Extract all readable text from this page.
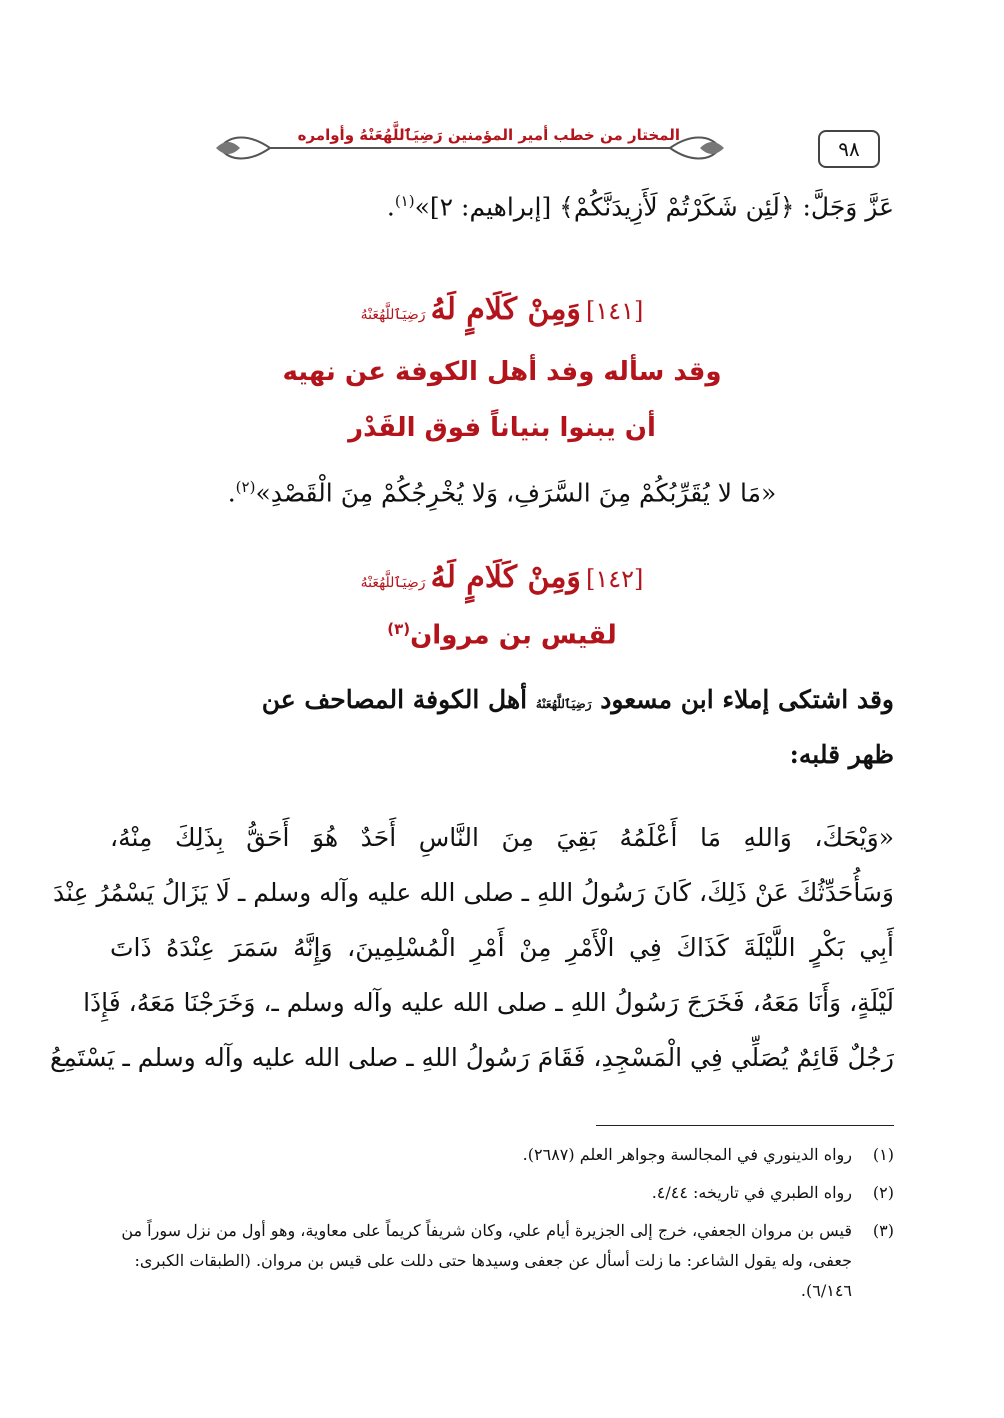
٩٨
المختار من خطب أمير المؤمنين رَضِيَٱللَّهُعَنْهُ وأوامره
عَزَّ وَجَلَّ: ﴿لَئِن شَكَرْتُمْ لَأَزِيدَنَّكُمْ﴾ [إبراهيم: ٢]»$^{(١)}$.
[١٤١] وَمِنْ كَلَامٍ لَهُ رَضِيَٱللَّهُعَنْهُ
وقد سأله وفد أهل الكوفة عن نهيه
أن يبنوا بنياناً فوق القَدْر
«مَا لا يُقَرِّبُكُمْ مِنَ السَّرَفِ، وَلا يُخْرِجُكُمْ مِنَ الْقَصْدِ»$^{(٢)}$.
[١٤٢] وَمِنْ كَلَامٍ لَهُ رَضِيَٱللَّهُعَنْهُ
لقيس بن مروان$^{(٣)}$
وقد اشتكى إملاء ابن مسعود رَضِيَٱللَّهُعَنْهُ أهل الكوفة المصاحف عن
ظهر قلبه:
«وَيْحَكَ، وَاللهِ مَا أَعْلَمُهُ بَقِيَ مِنَ النَّاسِ أَحَدٌ هُوَ أَحَقُّ بِذَلِكَ مِنْهُ،
وَسَأُحَدِّثُكَ عَنْ ذَلِكَ، كَانَ رَسُولُ اللهِ ـ صلى الله عليه وآله وسلم ـ لَا يَزَالُ يَسْمُرُ عِنْدَ
أَبِي بَكْرٍ اللَّيْلَةَ كَذَاكَ فِي الْأَمْرِ مِنْ أَمْرِ الْمُسْلِمِينَ، وَإِنَّهُ سَمَرَ عِنْدَهُ ذَاتَ
لَيْلَةٍ، وَأَنَا مَعَهُ، فَخَرَجَ رَسُولُ اللهِ ـ صلى الله عليه وآله وسلم ـ، وَخَرَجْنَا مَعَهُ، فَإِذَا
رَجُلٌ قَائِمٌ يُصَلِّي فِي الْمَسْجِدِ، فَقَامَ رَسُولُ اللهِ ـ صلى الله عليه وآله وسلم ـ يَسْتَمِعُ
(١)
رواه الدينوري في المجالسة وجواهر العلم (٢٦٨٧).
(٢)
رواه الطبري في تاريخه: ٤/٤٤.
(٣)
قيس بن مروان الجعفي، خرج إلى الجزيرة أيام علي، وكان شريفاً كريماً على معاوية، وهو أول من نزل سوراً من جعفى، وله يقول الشاعر: ما زلت أسأل عن جعفى وسيدها حتى دللت على قيس بن مروان. (الطبقات الكبرى: ٦/١٤٦).
